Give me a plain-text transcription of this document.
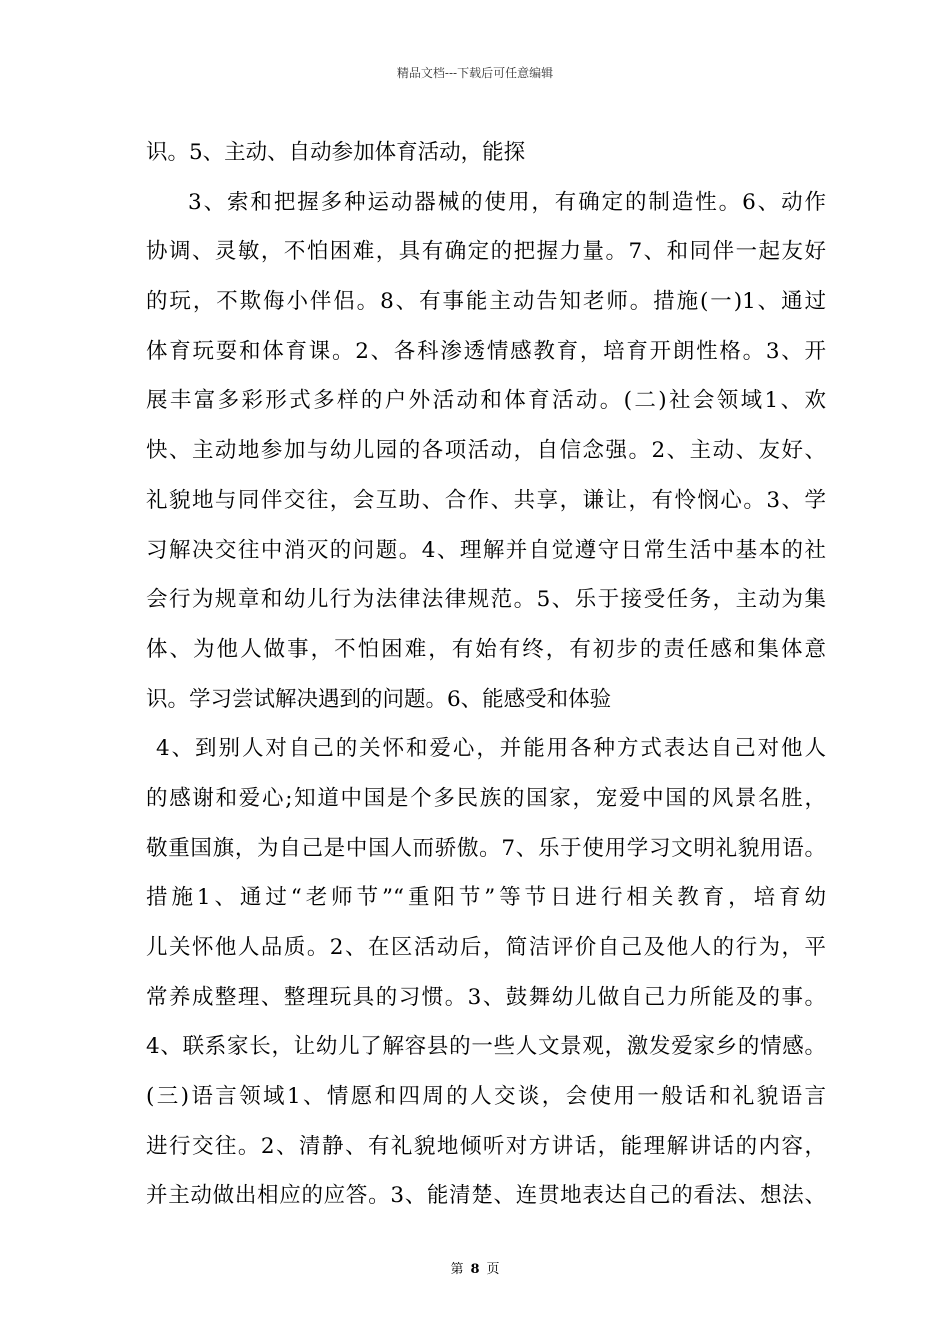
精品文档---下载后可任意编辑
识。5、主动、自动参加体育活动，能探
3、索和把握多种运动器械的使用，有确定的制造性。6、动作
协调、灵敏，不怕困难，具有确定的把握力量。7、和同伴一起友好
的玩，不欺侮小伴侣。8、有事能主动告知老师。措施(一)1、通过
体育玩耍和体育课。2、各科渗透情感教育，培育开朗性格。3、开
展丰富多彩形式多样的户外活动和体育活动。(二)社会领域1、欢
快、主动地参加与幼儿园的各项活动，自信念强。2、主动、友好、
礼貌地与同伴交往，会互助、合作、共享，谦让，有怜悯心。3、学
习解决交往中消灭的问题。4、理解并自觉遵守日常生活中基本的社
会行为规章和幼儿行为法律法律规范。5、乐于接受任务，主动为集
体、为他人做事，不怕困难，有始有终，有初步的责任感和集体意
识。学习尝试解决遇到的问题。6、能感受和体验
4、到别人对自己的关怀和爱心，并能用各种方式表达自己对他人
的感谢和爱心;知道中国是个多民族的国家，宠爱中国的风景名胜，
敬重国旗，为自己是中国人而骄傲。7、乐于使用学习文明礼貌用语。
措施1、通过“老师节”“重阳节”等节日进行相关教育，培育幼
儿关怀他人品质。2、在区活动后，简洁评价自己及他人的行为，平
常养成整理、整理玩具的习惯。3、鼓舞幼儿做自己力所能及的事。
4、联系家长，让幼儿了解容县的一些人文景观，激发爱家乡的情感。
(三)语言领域1、情愿和四周的人交谈，会使用一般话和礼貌语言
进行交往。2、清静、有礼貌地倾听对方讲话，能理解讲话的内容，
并主动做出相应的应答。3、能清楚、连贯地表达自己的看法、想法、
第 8 页
